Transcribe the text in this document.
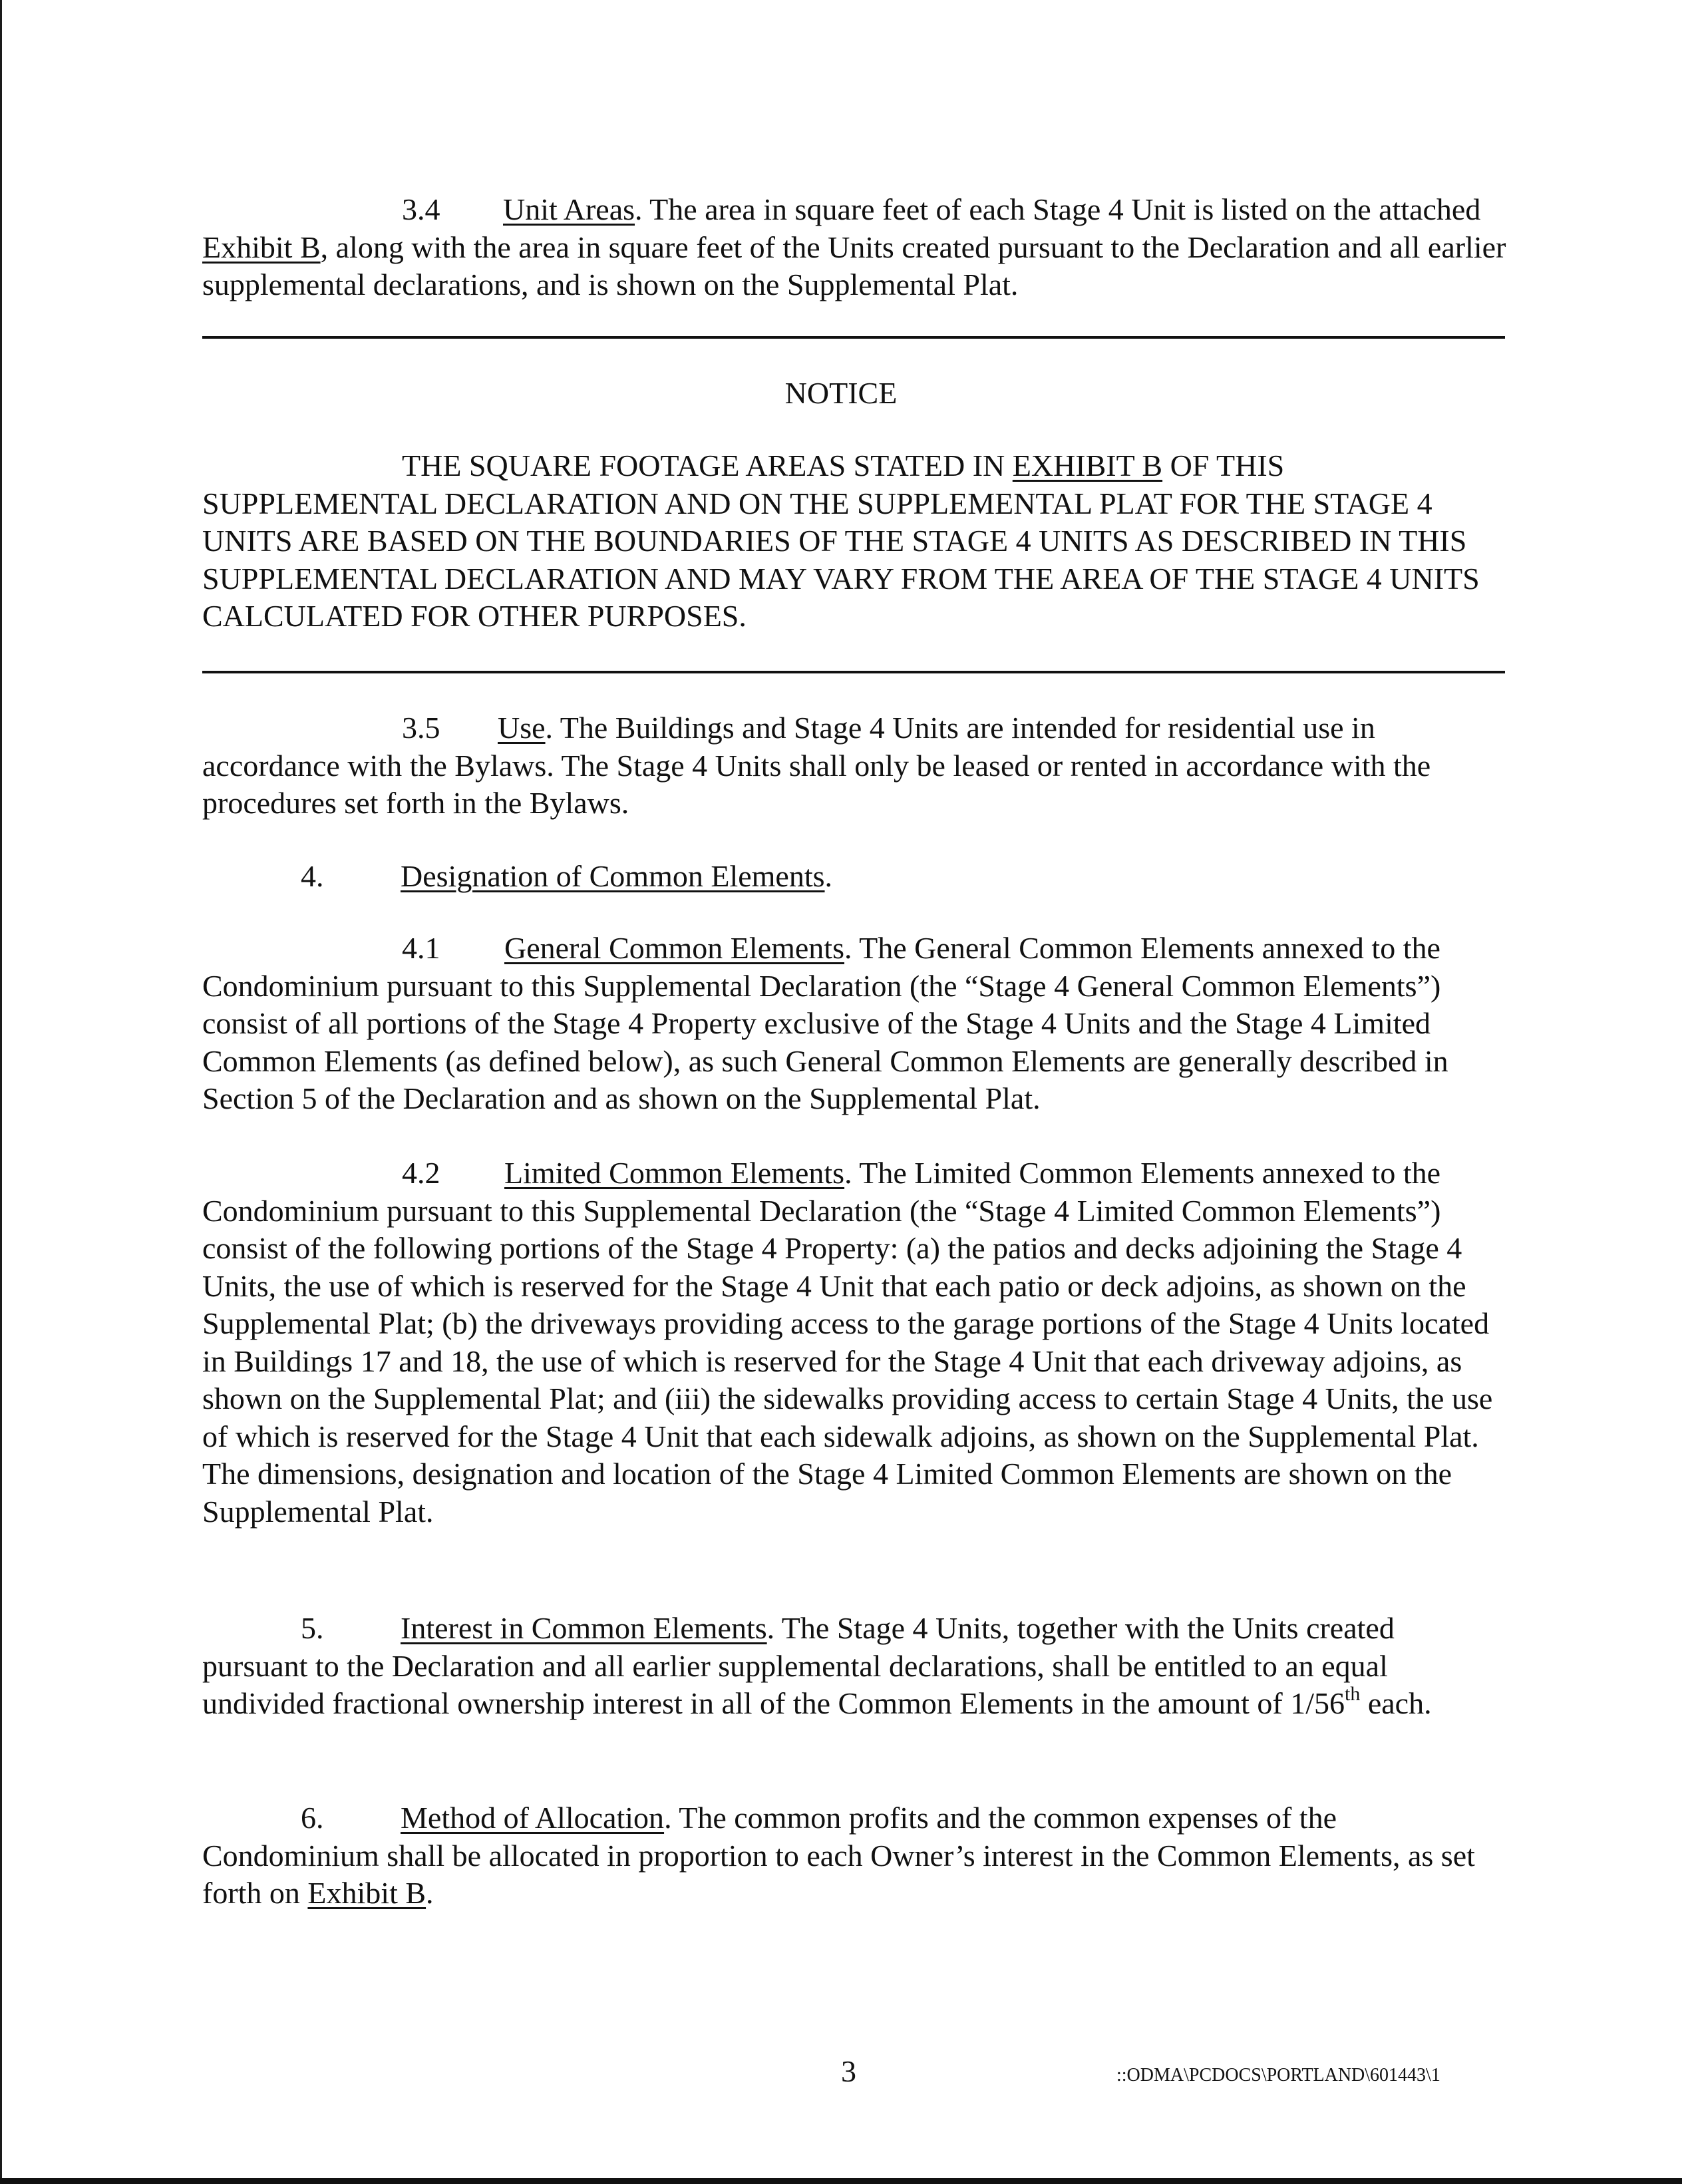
3.4 Unit Areas. The area in square feet of each Stage 4 Unit is listed on the attached Exhibit B, along with the area in square feet of the Units created pursuant to the Declaration and all earlier supplemental declarations, and is shown on the Supplemental Plat.

NOTICE

THE SQUARE FOOTAGE AREAS STATED IN EXHIBIT B OF THIS SUPPLEMENTAL DECLARATION AND ON THE SUPPLEMENTAL PLAT FOR THE STAGE 4 UNITS ARE BASED ON THE BOUNDARIES OF THE STAGE 4 UNITS AS DESCRIBED IN THIS SUPPLEMENTAL DECLARATION AND MAY VARY FROM THE AREA OF THE STAGE 4 UNITS CALCULATED FOR OTHER PURPOSES.

3.5 Use. The Buildings and Stage 4 Units are intended for residential use in accordance with the Bylaws. The Stage 4 Units shall only be leased or rented in accordance with the procedures set forth in the Bylaws.

4.	Designation of Common Elements.

4.1 General Common Elements. The General Common Elements annexed to the Condominium pursuant to this Supplemental Declaration (the “Stage 4 General Common Elements”) consist of all portions of the Stage 4 Property exclusive of the Stage 4 Units and the Stage 4 Limited Common Elements (as defined below), as such General Common Elements are generally described in Section 5 of the Declaration and as shown on the Supplemental Plat.

4.2 Limited Common Elements. The Limited Common Elements annexed to the Condominium pursuant to this Supplemental Declaration (the “Stage 4 Limited Common Elements”) consist of the following portions of the Stage 4 Property: (a) the patios and decks adjoining the Stage 4 Units, the use of which is reserved for the Stage 4 Unit that each patio or deck adjoins, as shown on the Supplemental Plat; (b) the driveways providing access to the garage portions of the Stage 4 Units located in Buildings 17 and 18, the use of which is reserved for the Stage 4 Unit that each driveway adjoins, as shown on the Supplemental Plat; and (iii) the sidewalks providing access to certain Stage 4 Units, the use of which is reserved for the Stage 4 Unit that each sidewalk adjoins, as shown on the Supplemental Plat. The dimensions, designation and location of the Stage 4 Limited Common Elements are shown on the Supplemental Plat.

5.	Interest in Common Elements. The Stage 4 Units, together with the Units created pursuant to the Declaration and all earlier supplemental declarations, shall be entitled to an equal undivided fractional ownership interest in all of the Common Elements in the amount of 1/56th each.

6.	Method of Allocation. The common profits and the common expenses of the Condominium shall be allocated in proportion to each Owner’s interest in the Common Elements, as set forth on Exhibit B.

3	::ODMA\PCDOCS\PORTLAND\601443\1
